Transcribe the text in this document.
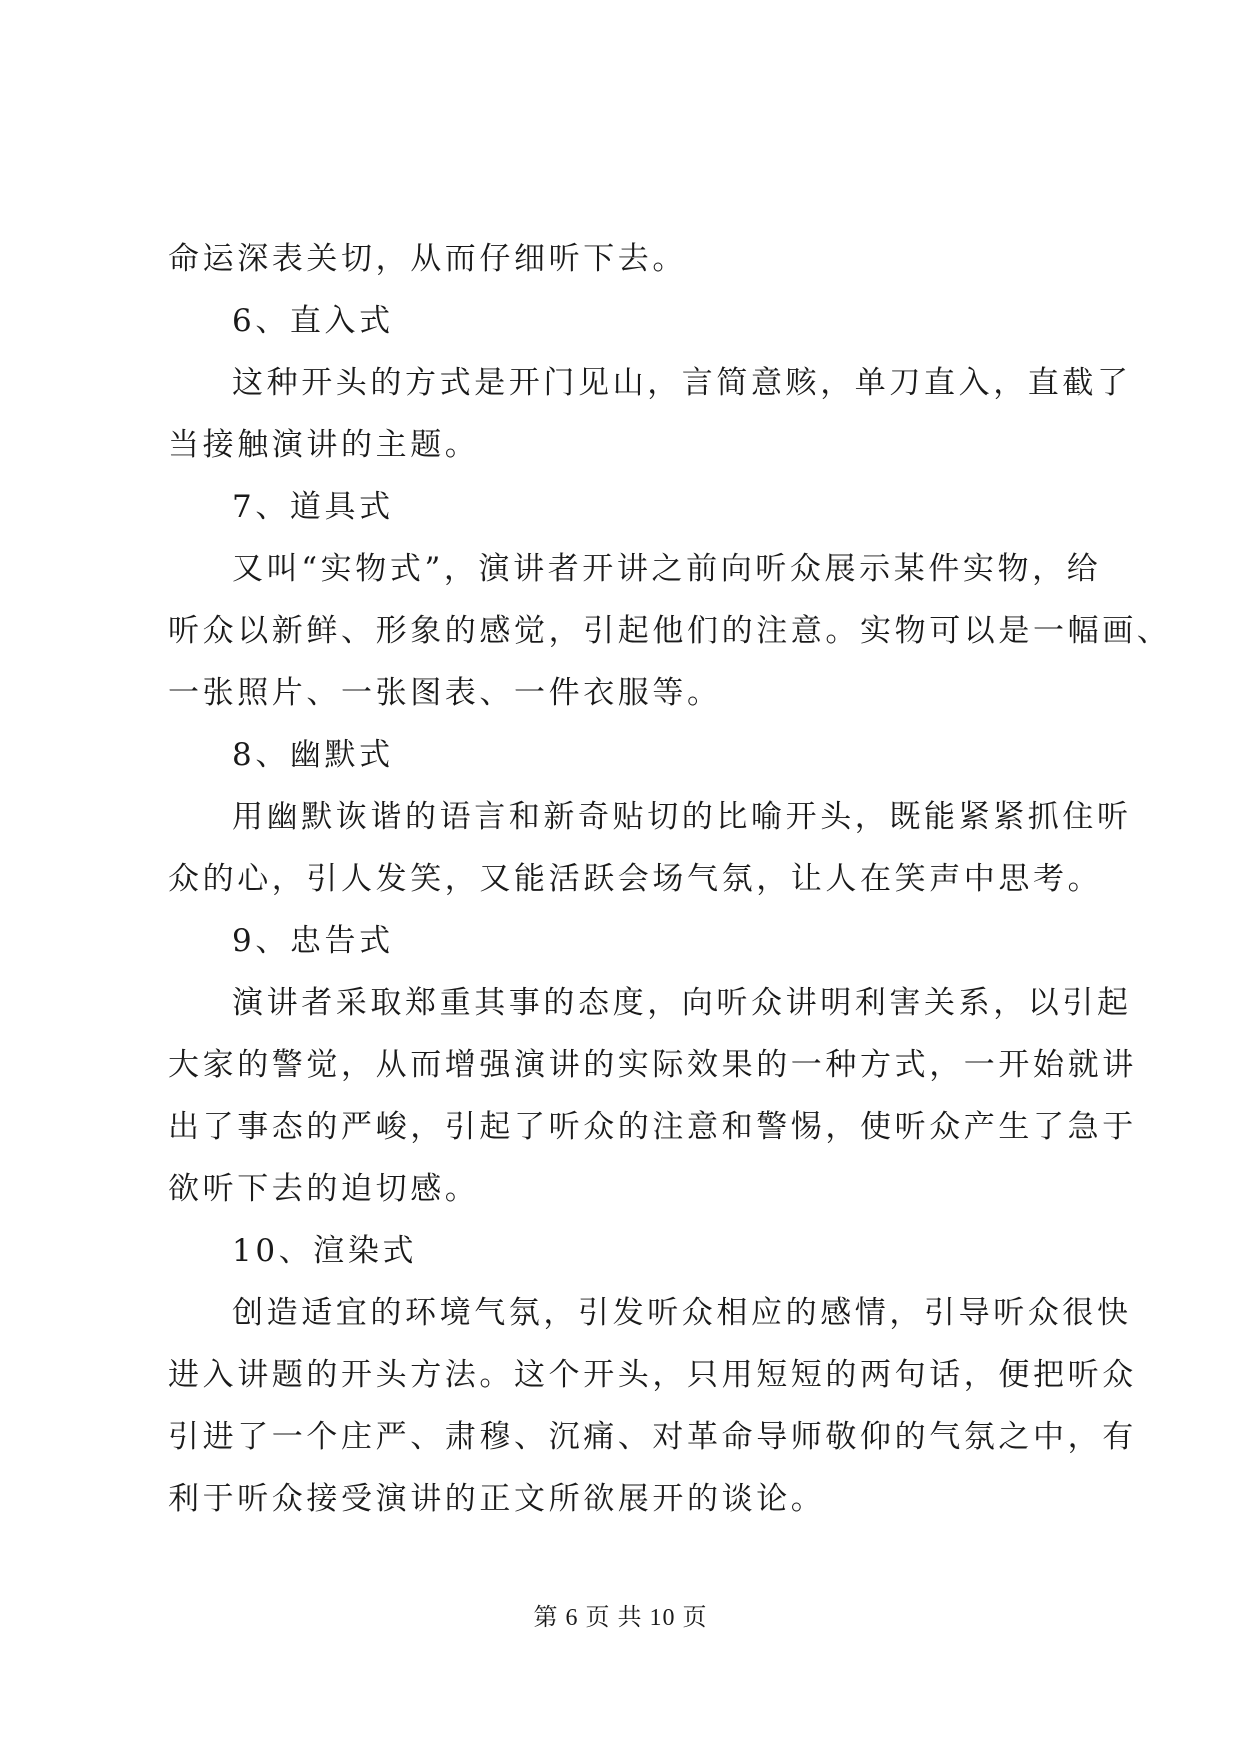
命运深表关切，从而仔细听下去。

6、直入式

这种开头的方式是开门见山，言简意赅，单刀直入，直截了

当接触演讲的主题。

7、道具式

又叫“实物式”，演讲者开讲之前向听众展示某件实物，给

听众以新鲜、形象的感觉，引起他们的注意。实物可以是一幅画、

一张照片、一张图表、一件衣服等。

8、幽默式

用幽默诙谐的语言和新奇贴切的比喻开头，既能紧紧抓住听

众的心，引人发笑，又能活跃会场气氛，让人在笑声中思考。

9、忠告式

演讲者采取郑重其事的态度，向听众讲明利害关系，以引起

大家的警觉，从而增强演讲的实际效果的一种方式，一开始就讲

出了事态的严峻，引起了听众的注意和警惕，使听众产生了急于

欲听下去的迫切感。

10、渲染式

创造适宜的环境气氛，引发听众相应的感情，引导听众很快

进入讲题的开头方法。这个开头，只用短短的两句话，便把听众

引进了一个庄严、肃穆、沉痛、对革命导师敬仰的气氛之中，有

利于听众接受演讲的正文所欲展开的谈论。

第 6 页 共 10 页
